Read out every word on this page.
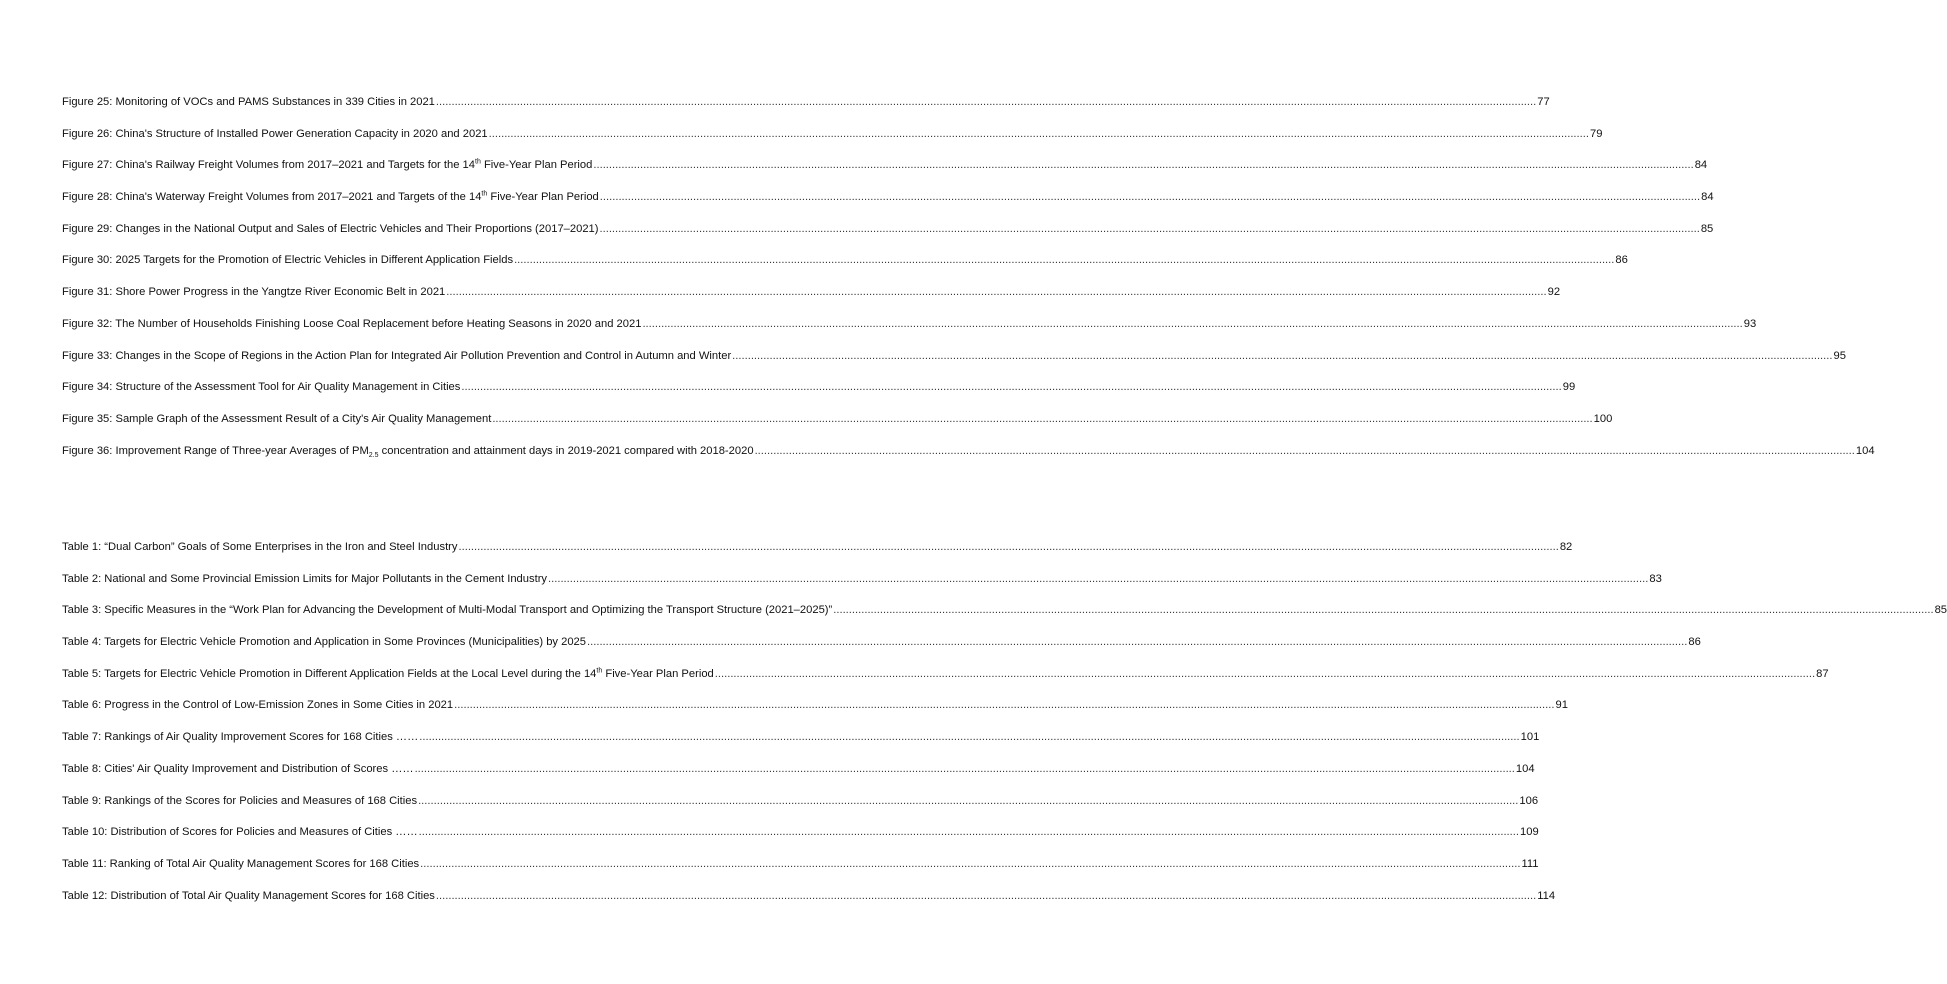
Figure 25: Monitoring of VOCs and PAMS Substances in 339 Cities in 2021 .....	77
Figure 26: China's Structure of Installed Power Generation Capacity in 2020 and 2021 .....	79
Figure 27: China's Railway Freight Volumes from 2017–2021 and Targets for the 14th Five-Year Plan Period .....	84
Figure 28: China's Waterway Freight Volumes from 2017–2021 and Targets of the 14th Five-Year Plan Period .....	84
Figure 29: Changes in the National Output and Sales of Electric Vehicles and Their Proportions (2017–2021) .....	85
Figure 30: 2025 Targets for the Promotion of Electric Vehicles in Different Application Fields .....	86
Figure 31: Shore Power Progress in the Yangtze River Economic Belt in 2021 .....	92
Figure 32: The Number of Households Finishing Loose Coal Replacement before Heating Seasons in 2020 and 2021 .....	93
Figure 33: Changes in the Scope of Regions in the Action Plan for Integrated Air Pollution Prevention and Control in Autumn and Winter .....	95
Figure 34: Structure of the Assessment Tool for Air Quality Management in Cities .....	99
Figure 35: Sample Graph of the Assessment Result of a City's Air Quality Management .....	100
Figure 36: Improvement Range of Three-year Averages of $PM_{2.5}$ concentration and attainment days in 2019-2021 compared with 2018-2020 .....	104
Table 1: “Dual Carbon” Goals of Some Enterprises in the Iron and Steel Industry .....	82
Table 2: National and Some Provincial Emission Limits for Major Pollutants in the Cement Industry .....	83
Table 3: Specific Measures in the “Work Plan for Advancing the Development of Multi-Modal Transport and Optimizing the Transport Structure (2021–2025)” .....	85
Table 4: Targets for Electric Vehicle Promotion and Application in Some Provinces (Municipalities) by 2025 .....	86
Table 5: Targets for Electric Vehicle Promotion in Different Application Fields at the Local Level during the 14th Five-Year Plan Period .....	87
Table 6: Progress in the Control of Low-Emission Zones in Some Cities in 2021 .....	91
Table 7: Rankings of Air Quality Improvement Scores for 168 Cities …… .....	101
Table 8: Cities' Air Quality Improvement and Distribution of Scores …… .....	104
Table 9: Rankings of the Scores for Policies and Measures of 168 Cities .....	106
Table 10: Distribution of Scores for Policies and Measures of Cities …… .....	109
Table 11: Ranking of Total Air Quality Management Scores for 168 Cities .....	111
Table 12: Distribution of Total Air Quality Management Scores for 168 Cities .....	114
